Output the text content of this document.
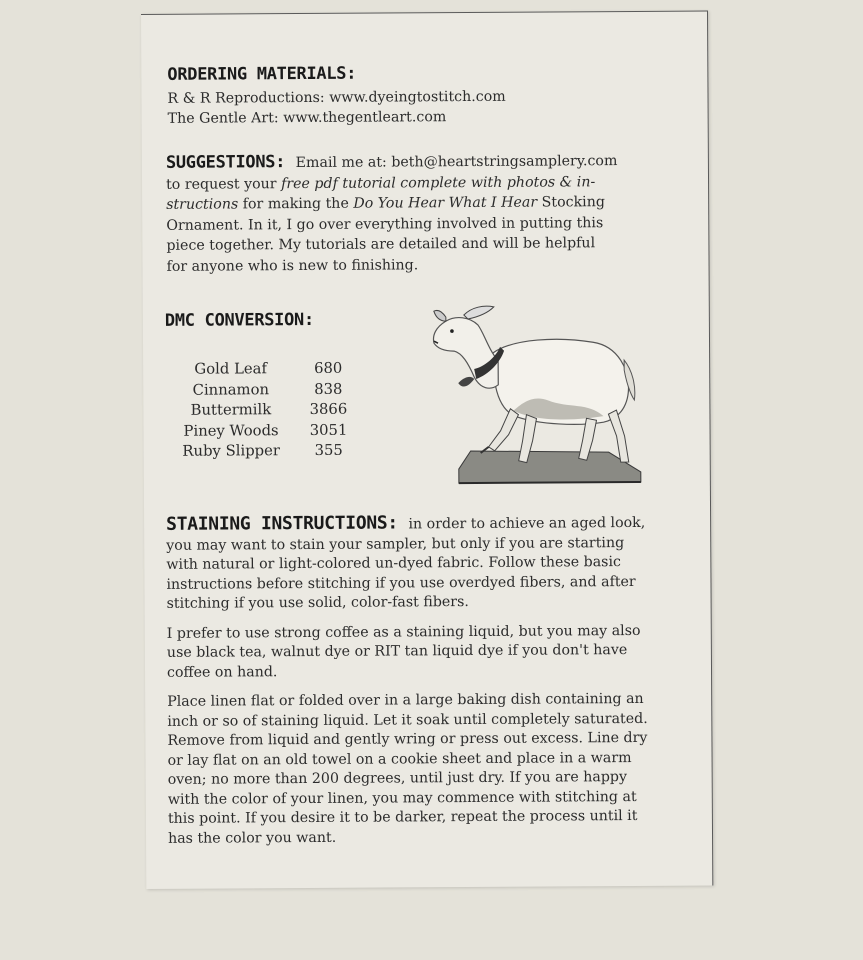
ORDERING MATERIALS:
R & R Reproductions: www.dyeingtostitch.com
The Gentle Art: www.thegentleart.com
SUGGESTIONS: Email me at: beth@heartstringsamplery.com
to request your free pdf tutorial complete with photos & in-
structions for making the Do You Hear What I Hear Stocking
Ornament. In it, I go over everything involved in putting this
piece together. My tutorials are detailed and will be helpful
for anyone who is new to finishing.
DMC CONVERSION:
Gold Leaf	680
Cinnamon	838
Buttermilk	3866
Piney Woods	3051
Ruby Slipper	355
STAINING INSTRUCTIONS: in order to achieve an aged look,
you may want to stain your sampler, but only if you are starting
with natural or light-colored un-dyed fabric. Follow these basic
instructions before stitching if you use overdyed fibers, and after
stitching if you use solid, color-fast fibers.
I prefer to use strong coffee as a staining liquid, but you may also
use black tea, walnut dye or RIT tan liquid dye if you don't have
coffee on hand.
Place linen flat or folded over in a large baking dish containing an
inch or so of staining liquid. Let it soak until completely saturated.
Remove from liquid and gently wring or press out excess. Line dry
or lay flat on an old towel on a cookie sheet and place in a warm
oven; no more than 200 degrees, until just dry. If you are happy
with the color of your linen, you may commence with stitching at
this point. If you desire it to be darker, repeat the process until it
has the color you want.
